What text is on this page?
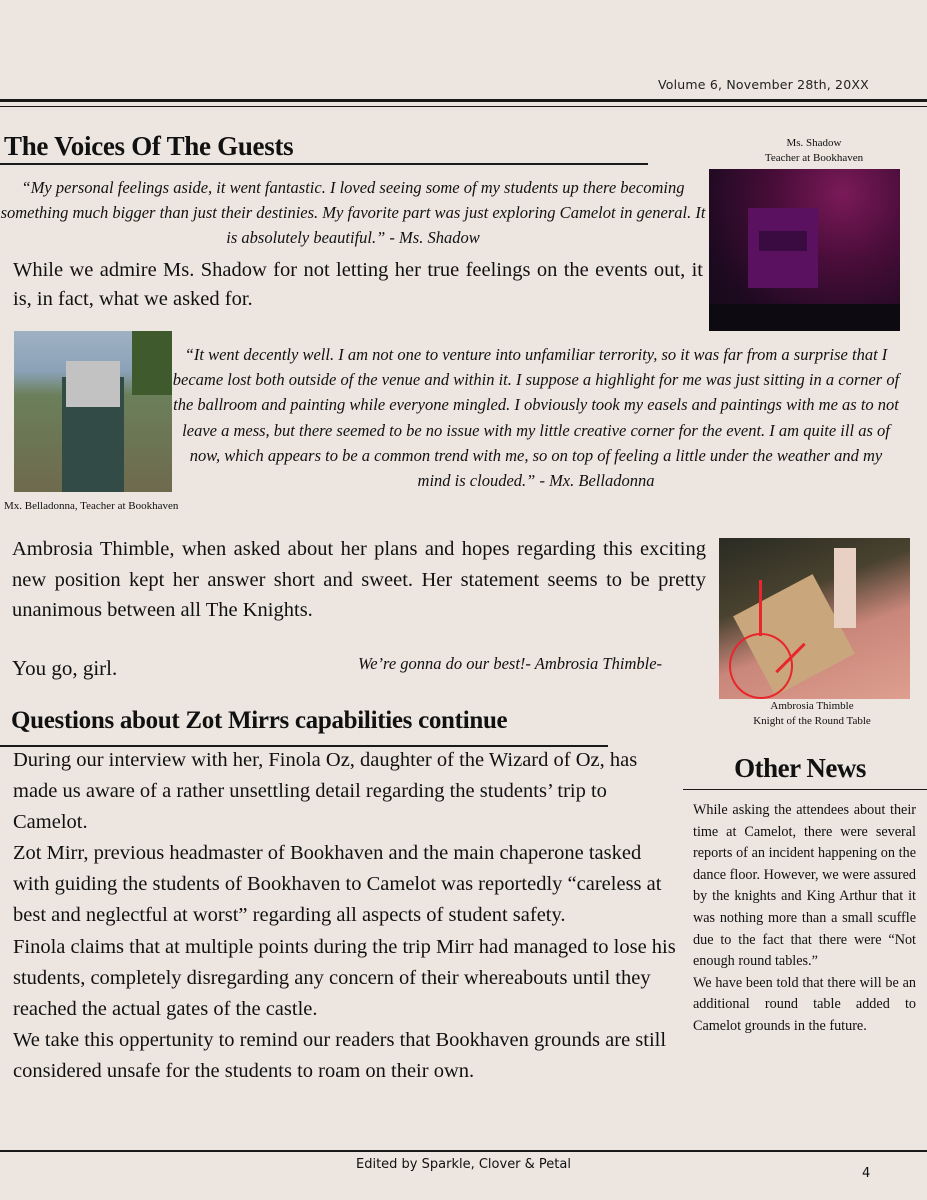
Volume 6, November 28th, 20XX
The Voices Of The Guests	Ms. Shadow
Teacher at Bookhaven
“My personal feelings aside, it went fantastic. I loved seeing some of my students up there becoming something much bigger than just their destinies. My favorite part was just exploring Camelot in general. It is absolutely beautiful.” - Ms. Shadow
While we admire Ms. Shadow for not letting her true feelings on the events out, it is, in fact, what we asked for.
Mx. Belladonna, Teacher at Bookhaven
“It went decently well. I am not one to venture into unfamiliar terrority, so it was far from a surprise that I became lost both outside of the venue and within it. I suppose a highlight for me was just sitting in a corner of the ballroom and painting while everyone mingled. I obviously took my easels and paintings with me as to not leave a mess, but there seemed to be no issue with my little creative corner for the event. I am quite ill as of now, which appears to be a common trend with me, so on top of feeling a little under the weather and my mind is clouded.” - Mx. Belladonna
Ambrosia Thimble, when asked about her plans and hopes regarding this exciting new position kept her answer short and sweet. Her statement seems to be pretty unanimous between all The Knights.
You go, girl.	We’re gonna do our best!- Ambrosia Thimble-
Ambrosia Thimble
Knight of the Round Table
Questions about Zot Mirrs capabilities continue

During our interview with her, Finola Oz, daughter of the Wizard of Oz, has made us aware of a rather unsettling detail regarding the students’ trip to Camelot.

Zot Mirr, previous headmaster of Bookhaven and the main chaperone tasked with guiding the students of Bookhaven to Camelot was reportedly “careless at best and neglectful at worst” regarding all aspects of student safety.

Finola claims that at multiple points during the trip Mirr had managed to lose his students, completely disregarding any concern of their whereabouts until they reached the actual gates of the castle.

We take this oppertunity to remind our readers that Bookhaven grounds are still considered unsafe for the students to roam on their own.

Other News

While asking the attendees about their time at Camelot, there were several reports of an incident happening on the dance floor. However, we were assured by the knights and King Arthur that it was nothing more than a small scuffle due to the fact that there were “Not enough round tables.”

We have been told that there will be an additional round table added to Camelot grounds in the future.

Edited by Sparkle, Clover & Petal
4
